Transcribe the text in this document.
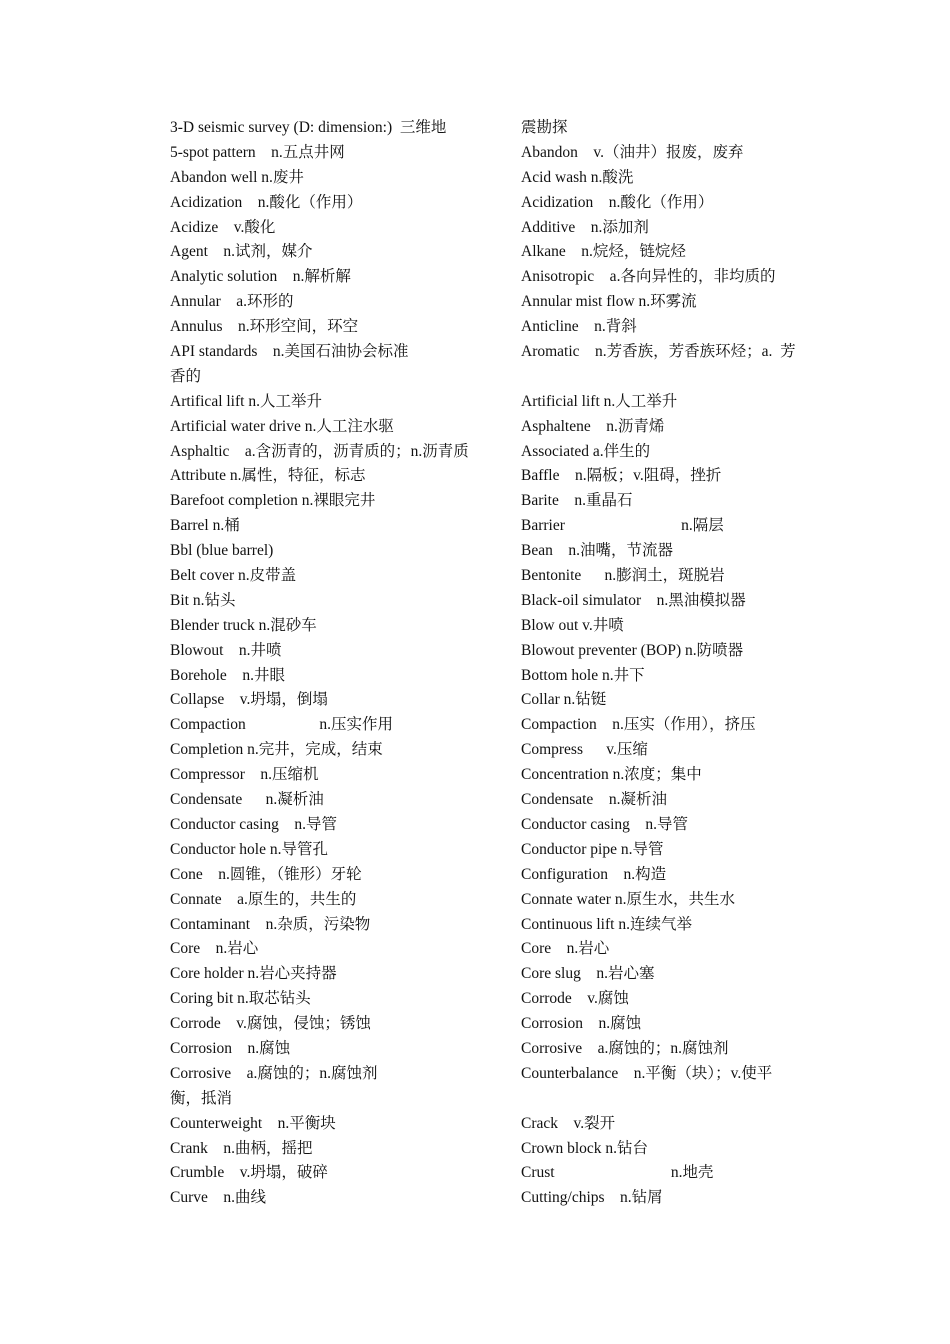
3-D seismic survey (D: dimension:)  三维地
5-spot pattern    n.五点井网
Abandon well n.废井
Acidization    n.酸化（作用）
Acidize    v.酸化
Agent    n.试剂，媒介
Analytic solution    n.解析解
Annular    a.环形的
Annulus    n.环形空间，环空
API standards    n.美国石油协会标准
香的
Artifical lift n.人工举升
Artificial water drive n.人工注水驱
Asphaltic    a.含沥青的，沥青质的；n.沥青质
Attribute n.属性，特征，标志
Barefoot completion n.裸眼完井
Barrel n.桶
Bbl (blue barrel)
Belt cover n.皮带盖
Bit n.钻头
Blender truck n.混砂车
Blowout    n.井喷
Borehole    n.井眼
Collapse    v.坍塌，倒塌
Compaction                   n.压实作用
Completion n.完井，完成，结束
Compressor    n.压缩机
Condensate      n.凝析油
Conductor casing    n.导管
Conductor hole n.导管孔
Cone    n.圆锥，（锥形）牙轮
Connate    a.原生的，共生的
Contaminant    n.杂质，污染物
Core    n.岩心
Core holder n.岩心夹持器
Coring bit n.取芯钻头
Corrode    v.腐蚀，侵蚀；锈蚀
Corrosion    n.腐蚀
Corrosive    a.腐蚀的；n.腐蚀剂
衡，抵消
Counterweight    n.平衡块
Crank    n.曲柄，摇把
Crumble    v.坍塌，破碎
Curve    n.曲线
震勘探
Abandon    v.（油井）报废，废弃
Acid wash n.酸洗
Acidization    n.酸化（作用）
Additive    n.添加剂
Alkane    n.烷烃，链烷烃
Anisotropic    a.各向异性的，非均质的
Annular mist flow n.环雾流
Anticline    n.背斜
Aromatic    n.芳香族，芳香族环烃；a.  芳
Artificial lift n.人工举升
Asphaltene    n.沥青烯
Associated a.伴生的
Baffle    n.隔板；v.阻碍，挫折
Barite    n.重晶石
Barrier                              n.隔层
Bean    n.油嘴，节流器
Bentonite      n.膨润土，斑脱岩
Black-oil simulator    n.黑油模拟器
Blow out v.井喷
Blowout preventer (BOP) n.防喷器
Bottom hole n.井下
Collar n.钻铤
Compaction    n.压实（作用），挤压
Compress      v.压缩
Concentration n.浓度；集中
Condensate    n.凝析油
Conductor casing    n.导管
Conductor pipe n.导管
Configuration    n.构造
Connate water n.原生水，共生水
Continuous lift n.连续气举
Core    n.岩心
Core slug    n.岩心塞
Corrode    v.腐蚀
Corrosion    n.腐蚀
Corrosive    a.腐蚀的；n.腐蚀剂
Counterbalance    n.平衡（块）；v.使平
Crack    v.裂开
Crown block n.钻台
Crust                              n.地壳
Cutting/chips    n.钻屑
